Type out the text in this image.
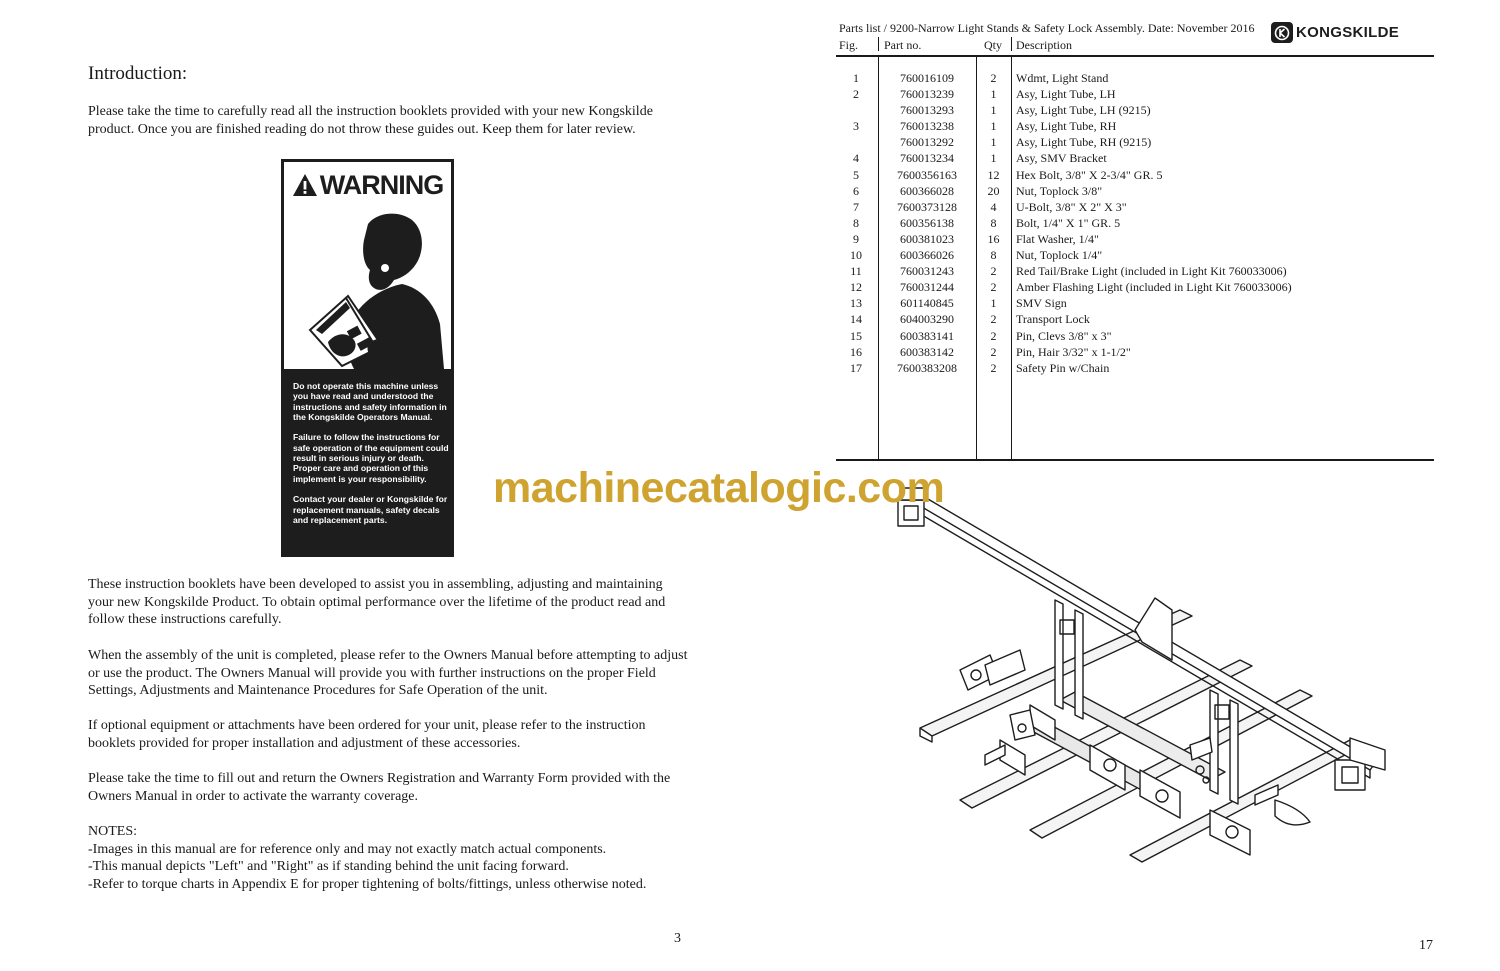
Introduction:
Please take the time to carefully read all the instruction booklets provided with your new Kongskilde product. Once you are finished reading do not throw these guides out. Keep them for later review.
WARNING

Do not operate this machine unless you have read and understood the instructions and safety information in the Kongskilde Operators Manual.

Failure to follow the instructions for safe operation of the equipment could result in serious injury or death. Proper care and operation of this implement is your responsibility.

Contact your dealer or Kongskilde for replacement manuals, safety decals and replacement parts.

These instruction booklets have been developed to assist you in assembling, adjusting and maintaining your new Kongskilde Product. To obtain optimal performance over the lifetime of the product read and follow these instructions carefully.
When the assembly of the unit is completed, please refer to the Owners Manual before attempting to adjust or use the product. The Owners Manual will provide you with further instructions on the proper Field Settings, Adjustments and Maintenance Procedures for Safe Operation of the unit.
If optional equipment or attachments have been ordered for your unit, please refer to the instruction booklets provided for proper installation and adjustment of these accessories.
Please take the time to fill out and return the Owners Registration and Warranty Form provided with the Owners Manual in order to activate the warranty coverage.
NOTES:
-Images in this manual are for reference only and may not exactly match actual components.
-This manual depicts "Left" and "Right" as if standing behind the unit facing forward.
-Refer to torque charts in Appendix E for proper tightening of bolts/fittings, unless otherwise noted.
3
Parts list / 9200-Narrow Light Stands & Safety Lock Assembly. Date: November 2016	KONGSKILDE
Fig. Part no.	Qty Description
1	760016109	2	Wdmt, Light Stand
2	760013239	1	Asy, Light Tube, LH
760013293	1	Asy, Light Tube, LH (9215)
3	760013238	1	Asy, Light Tube, RH
760013292	1	Asy, Light Tube, RH (9215)
4	760013234	1	Asy, SMV Bracket
5	7600356163	12	Hex Bolt, 3/8" X 2-3/4" GR. 5
6	600366028	20	Nut, Toplock 3/8"
7	7600373128	4	U-Bolt, 3/8" X 2" X 3"
8	600356138	8	Bolt, 1/4" X 1" GR. 5
9	600381023	16	Flat Washer, 1/4"
10	600366026	8	Nut, Toplock 1/4"
11	760031243	2	Red Tail/Brake Light (included in Light Kit 760033006)
12	760031244	2	Amber Flashing Light (included in Light Kit 760033006)
13	601140845	1	SMV Sign
14	604003290	2	Transport Lock
15	600383141	2	Pin, Clevs 3/8" x 3"
16	600383142	2	Pin, Hair 3/32" x 1-1/2"
17	7600383208	2	Safety Pin w/Chain
machinecatalogic.com
17
